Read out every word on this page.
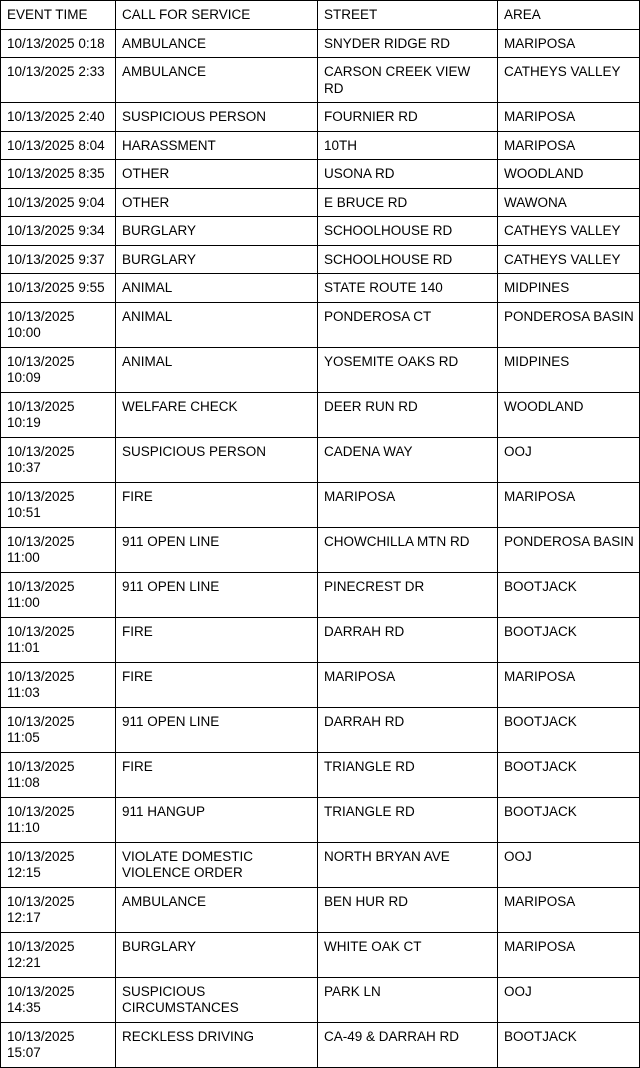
EVENT TIME	CALL FOR SERVICE	STREET	AREA
10/13/2025 0:18	AMBULANCE	SNYDER RIDGE RD	MARIPOSA
10/13/2025 2:33	AMBULANCE	CARSON CREEK VIEW RD	CATHEYS VALLEY
10/13/2025 2:40	SUSPICIOUS PERSON	FOURNIER RD	MARIPOSA
10/13/2025 8:04	HARASSMENT	10TH	MARIPOSA
10/13/2025 8:35	OTHER	USONA RD	WOODLAND
10/13/2025 9:04	OTHER	E BRUCE RD	WAWONA
10/13/2025 9:34	BURGLARY	SCHOOLHOUSE RD	CATHEYS VALLEY
10/13/2025 9:37	BURGLARY	SCHOOLHOUSE RD	CATHEYS VALLEY
10/13/2025 9:55	ANIMAL	STATE ROUTE 140	MIDPINES
10/13/2025 10:00	ANIMAL	PONDEROSA CT	PONDEROSA BASIN
10/13/2025 10:09	ANIMAL	YOSEMITE OAKS RD	MIDPINES
10/13/2025 10:19	WELFARE CHECK	DEER RUN RD	WOODLAND
10/13/2025 10:37	SUSPICIOUS PERSON	CADENA WAY	OOJ
10/13/2025 10:51	FIRE	MARIPOSA	MARIPOSA
10/13/2025 11:00	911 OPEN LINE	CHOWCHILLA MTN RD	PONDEROSA BASIN
10/13/2025 11:00	911 OPEN LINE	PINECREST DR	BOOTJACK
10/13/2025 11:01	FIRE	DARRAH RD	BOOTJACK
10/13/2025 11:03	FIRE	MARIPOSA	MARIPOSA
10/13/2025 11:05	911 OPEN LINE	DARRAH RD	BOOTJACK
10/13/2025 11:08	FIRE	TRIANGLE RD	BOOTJACK
10/13/2025 11:10	911 HANGUP	TRIANGLE RD	BOOTJACK
10/13/2025 12:15	VIOLATE DOMESTIC VIOLENCE ORDER	NORTH BRYAN AVE	OOJ
10/13/2025 12:17	AMBULANCE	BEN HUR RD	MARIPOSA
10/13/2025 12:21	BURGLARY	WHITE OAK CT	MARIPOSA
10/13/2025 14:35	SUSPICIOUS CIRCUMSTANCES	PARK LN	OOJ
10/13/2025 15:07	RECKLESS DRIVING	CA-49 & DARRAH RD	BOOTJACK
